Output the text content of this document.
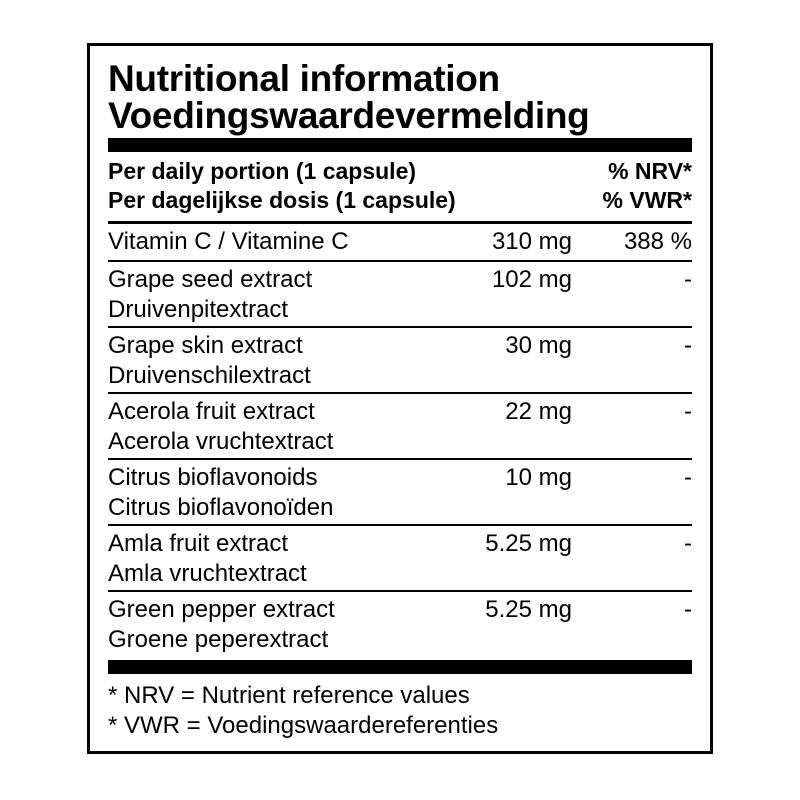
Nutritional information
Voedingswaardevermelding
Per daily portion (1 capsule)
Per dagelijkse dosis (1 capsule)
% NRV*
% VWR*
Vitamin C / Vitamine C	310 mg 388 %
Grape seed extract
Druivenpitextract
102 mg	-
Grape skin extract
Druivenschilextract
30 mg	-
Acerola fruit extract
Acerola vruchtextract
22 mg	-
Citrus bioflavonoids
Citrus bioflavonoïden
10 mg	-
Amla fruit extract
Amla vruchtextract
5.25 mg	-
Green pepper extract
Groene peperextract
5.25 mg	-
* NRV = Nutrient reference values
* VWR = Voedingswaardereferenties
